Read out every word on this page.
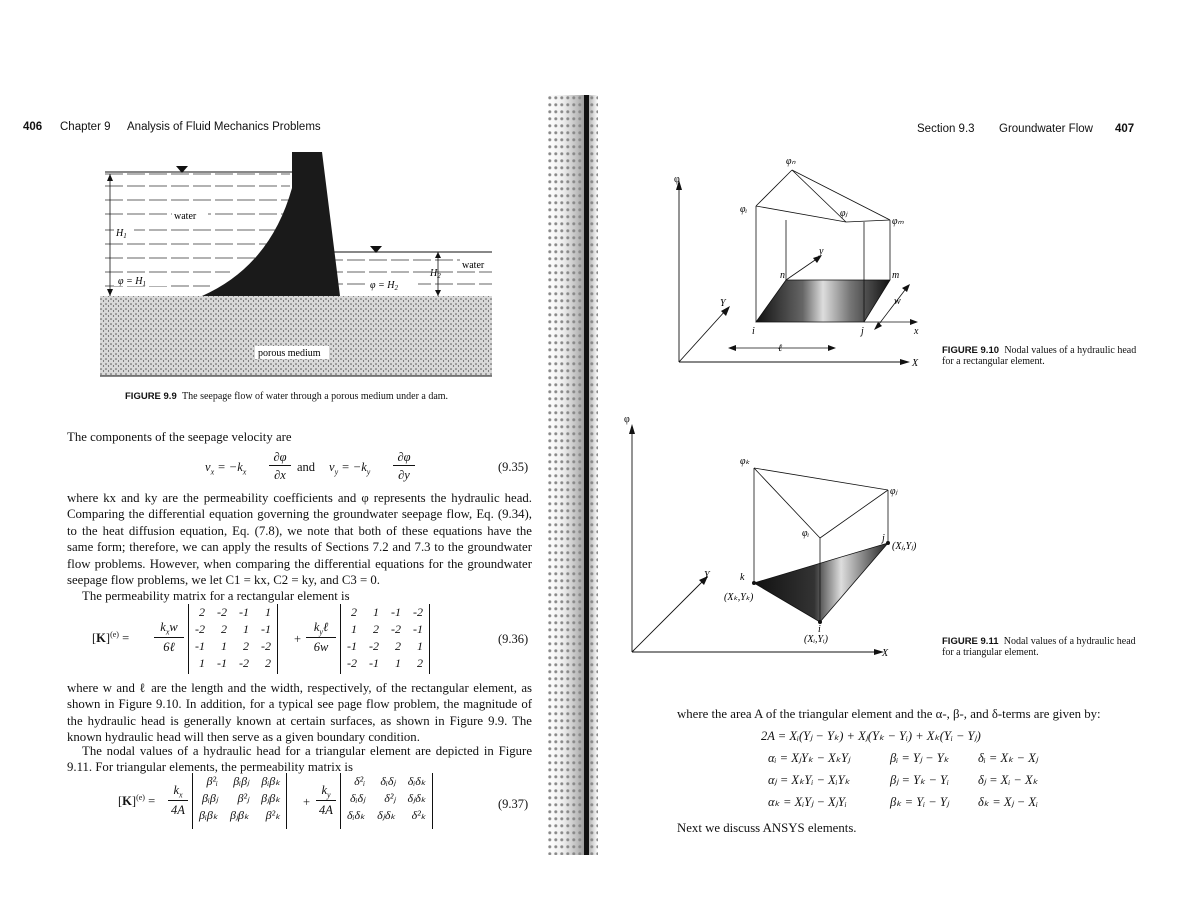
406 Chapter 9 Analysis of Fluid Mechanics Problems
water
$H_1$
$\varphi = H_1$
water
$H_2$
$\varphi = H_2$
porous medium
FIGURE 9.9 The seepage flow of water through a porous medium under a dam.
The components of the seepage velocity are
$v_x = -k_x$
∂φ
∂x
and $v_y = -k_y$
∂φ
∂y
(9.35)
where kx and ky are the permeability coefficients and φ represents the hydraulic head. Comparing the differential equation governing the groundwater seepage flow, Eq. (9.34), to the heat diffusion equation, Eq. (7.8), we note that both of these equations have the same form; therefore, we can apply the results of Sections 7.2 and 7.3 to the groundwater flow problems. However, when comparing the differential equations for the groundwater seepage flow problems, we let C1 = kx, C2 = ky, and C3 = 0.
The permeability matrix for a rectangular element is
$[K]^{(e)}$ =
$k_xw$
6ℓ
2	-2	-1	1
-2	2	1	-1
-1	1	2	-2
1	-1	-2	2
+
$k_y\ell$
6w
2	1	-1	-2
1	2	-2	-1
-1	-2	2	1
-2	-1	1	2
(9.36)
where w and ℓ are the length and the width, respectively, of the rectangular element, as shown in Figure 9.10. In addition, for a typical see page flow problem, the magnitude of the hydraulic head is generally known at certain surfaces, as shown in Figure 9.9. The known hydraulic head will then serve as a given boundary condition.
The nodal values of a hydraulic head for a triangular element are depicted in Figure 9.11. For triangular elements, the permeability matrix is
$[K]^{(e)}$ =
$k_x$
4A
β²ᵢ	βᵢβⱼ	βᵢβₖ
βᵢβⱼ	β²ⱼ	βⱼβₖ
βᵢβₖ	βⱼβₖ	β²ₖ
+
$k_y$
4A
δ²ᵢ	δᵢδⱼ	δᵢδₖ
δᵢδⱼ	δ²ⱼ	δⱼδₖ
δᵢδₖ	δⱼδₖ	δ²ₖ
(9.37)
Section 9.3 Groundwater Flow 407
φ
φₙ
φᵢ	φⱼ
φₘ
y
Y
x
X
n	m
i	j
w
ℓ	FIGURE 9.10 Nodal values of a hydraulic head for a rectangular element.
φ
φₖ
φⱼ
φᵢ
Y
X
j
(Xⱼ,Yⱼ)
k
(Xₖ,Yₖ)
i
(Xᵢ,Yᵢ)	FIGURE 9.11 Nodal values of a hydraulic head for a triangular element.
where the area A of the triangular element and the α-, β-, and δ-terms are given by:
2A = Xᵢ(Yⱼ − Yₖ) + Xⱼ(Yₖ − Yᵢ) + Xₖ(Yᵢ − Yⱼ)
αᵢ = XⱼYₖ − XₖYⱼ	βᵢ = Yⱼ − Yₖ	δᵢ = Xₖ − Xⱼ
αⱼ = XₖYᵢ − XᵢYₖ	βⱼ = Yₖ − Yᵢ	δⱼ = Xᵢ − Xₖ
αₖ = XᵢYⱼ − XⱼYᵢ	βₖ = Yᵢ − Yⱼ	δₖ = Xⱼ − Xᵢ
Next we discuss ANSYS elements.
